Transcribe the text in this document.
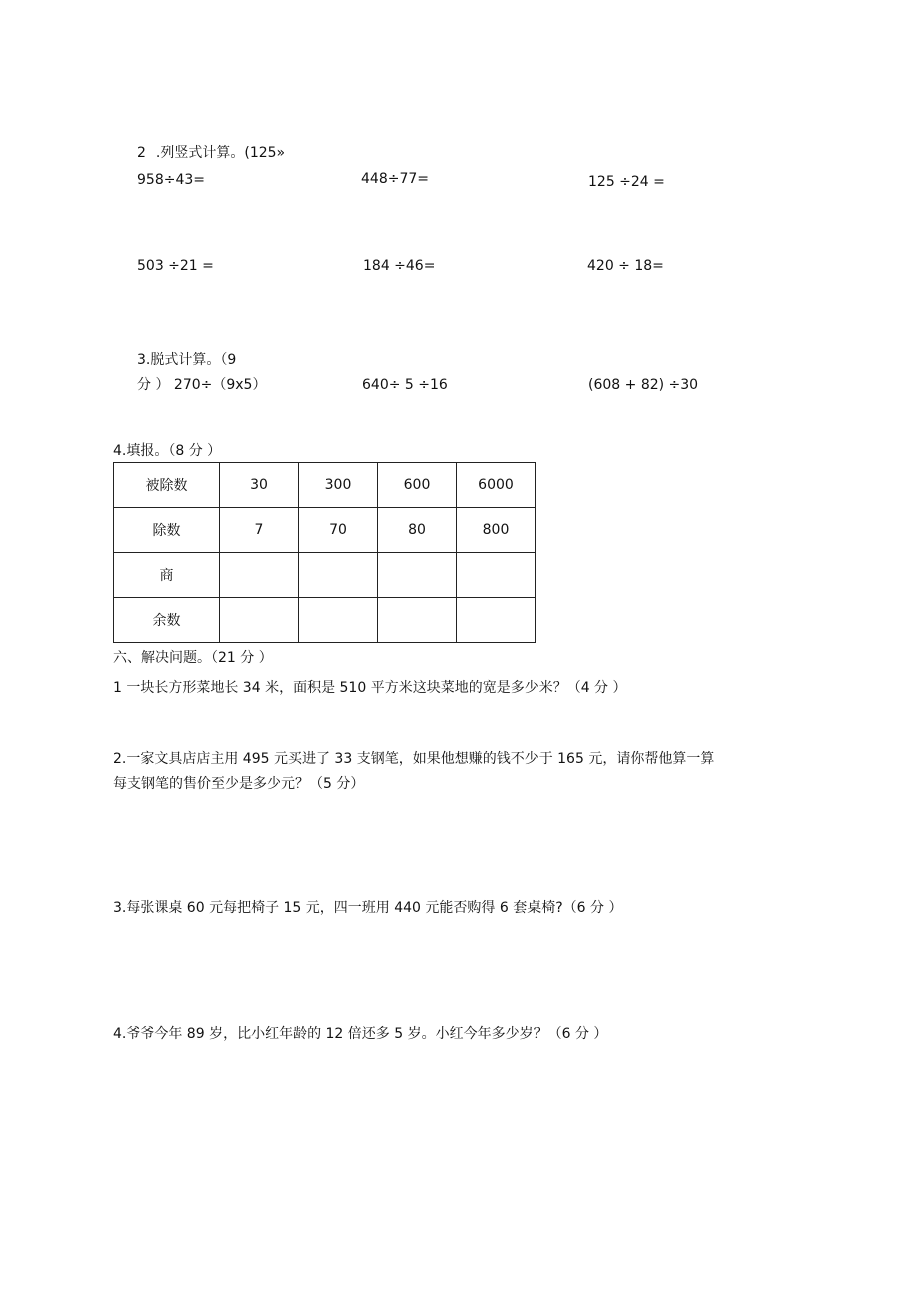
2 .列竖式计算。(125»
958÷43=	448÷77=	125 ÷24 =
503 ÷21 =	184 ÷46=	420 ÷ 18=
3.脱式计算。（9
分 ） 270÷（9x5）	640÷ 5 ÷16	(608 + 82) ÷30
4.填报。（8 分 ）
被除数	30	300	600	6000
除数	7	70	80	800
商				
余数				
六、解决问题。（21 分 ）
1 一块长方形菜地长 34 米，面积是 510 平方米这块菜地的宽是多少米？（4 分 ）
2.一家文具店店主用 495 元买进了 33 支钢笔，如果他想赚的钱不少于 165 元，请你帮他算一算
每支钢笔的售价至少是多少元？（5 分）
3.每张课桌 60 元每把椅子 15 元，四一班用 440 元能否购得 6 套桌椅?（6 分 ）
4.爷爷今年 89 岁，比小红年龄的 12 倍还多 5 岁。小红今年多少岁？（6 分 ）
